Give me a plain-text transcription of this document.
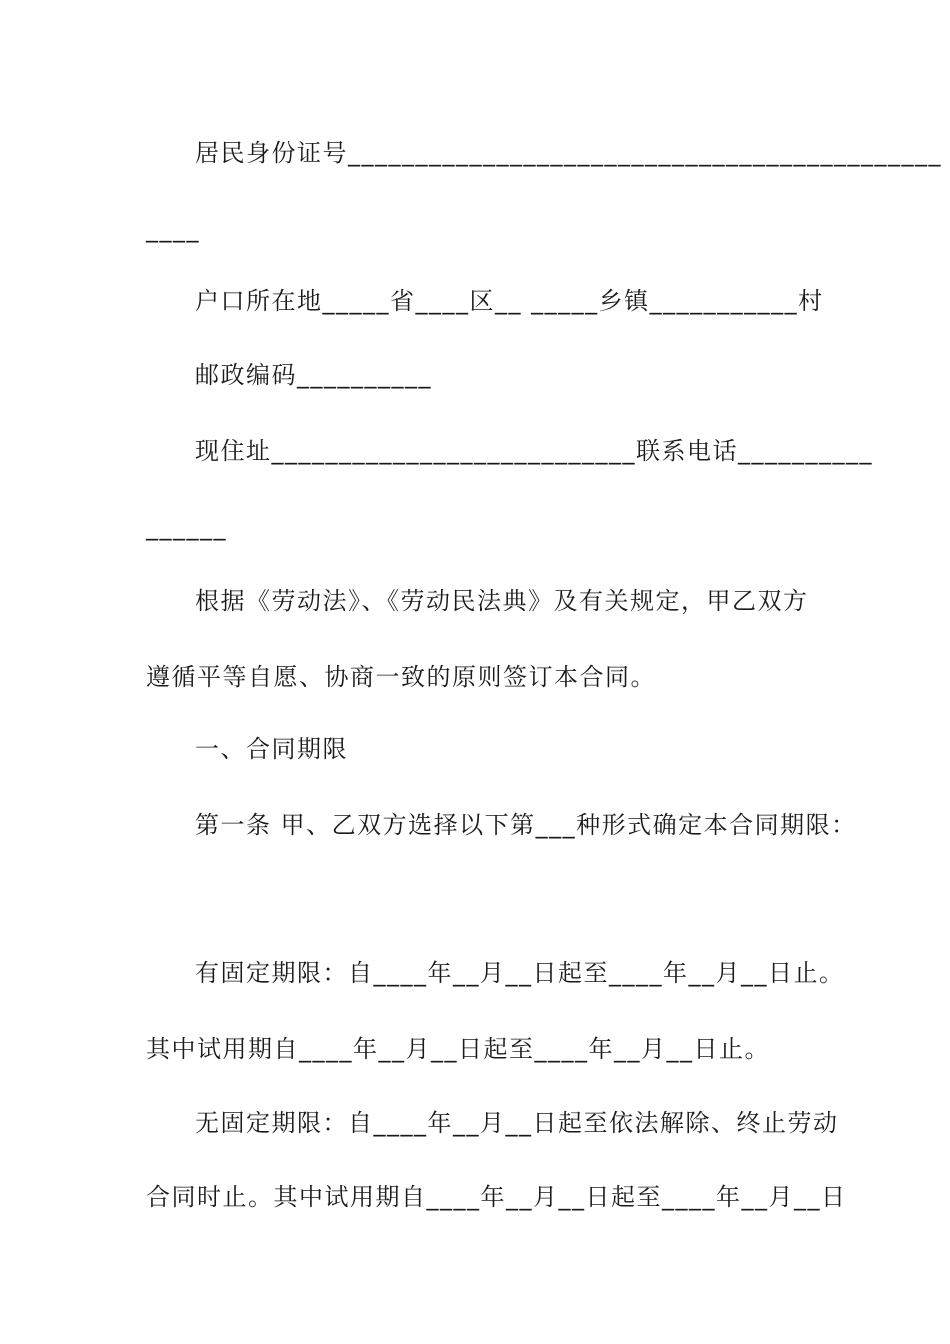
居民身份证号____________________________________________
____
户口所在地_____省____区__ _____乡镇___________村
邮政编码__________
现住址___________________________联系电话__________
______
根据《劳动法》、《劳动民法典》及有关规定，甲乙双方
遵循平等自愿、协商一致的原则签订本合同。
一、合同期限
第一条 甲、乙双方选择以下第___种形式确定本合同期限：
有固定期限：自____年__月__日起至____年__月__日止。
其中试用期自____年__月__日起至____年__月__日止。
无固定期限：自____年__月__日起至依法解除、终止劳动
合同时止。其中试用期自____年__月__日起至____年__月__日
